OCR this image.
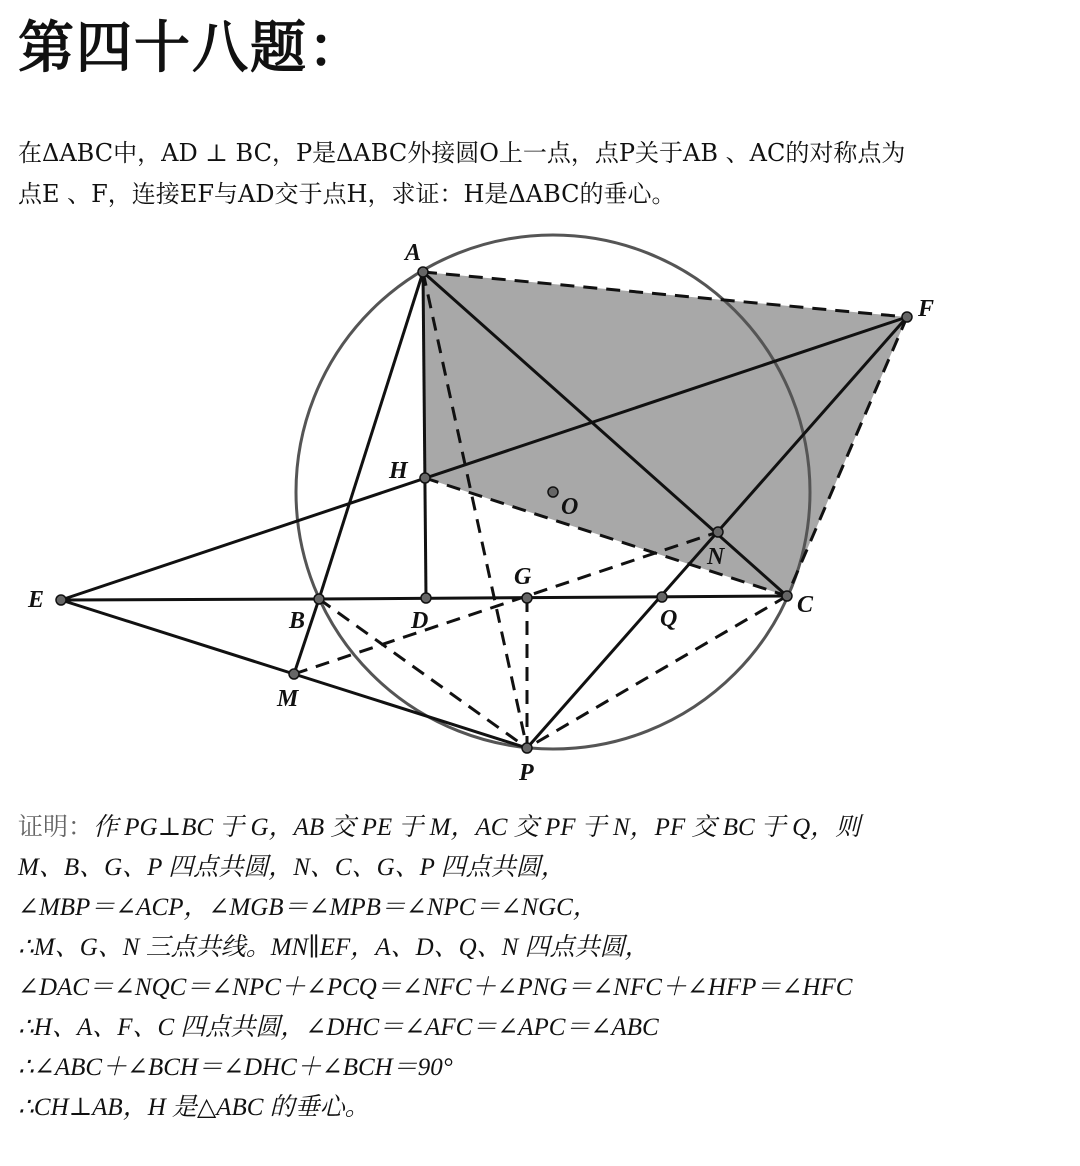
第四十八题：

在ΔABC中，AD ⊥ BC，P是ΔABC外接圆O上一点，点P关于AB 、AC的对称点为

点E 、F，连接EF与AD交于点H，求证：H是ΔABC的垂心。

A
F
H
O
N
E
G
C
B	D	Q
M
P

证明：作 PG⊥BC 于 G，AB 交 PE 于 M，AC 交 PF 于 N，PF 交 BC 于 Q，则

M、B、G、P 四点共圆，N、C、G、P 四点共圆，

∠MBP＝∠ACP，∠MGB＝∠MPB＝∠NPC＝∠NGC，

∴M、G、N 三点共线。MN∥EF，A、D、Q、N 四点共圆，

∠DAC＝∠NQC＝∠NPC＋∠PCQ＝∠NFC＋∠PNG＝∠NFC＋∠HFP＝∠HFC

∴H、A、F、C 四点共圆，∠DHC＝∠AFC＝∠APC＝∠ABC

∴∠ABC＋∠BCH＝∠DHC＋∠BCH＝90°

∴CH⊥AB，H 是△ABC 的垂心。
